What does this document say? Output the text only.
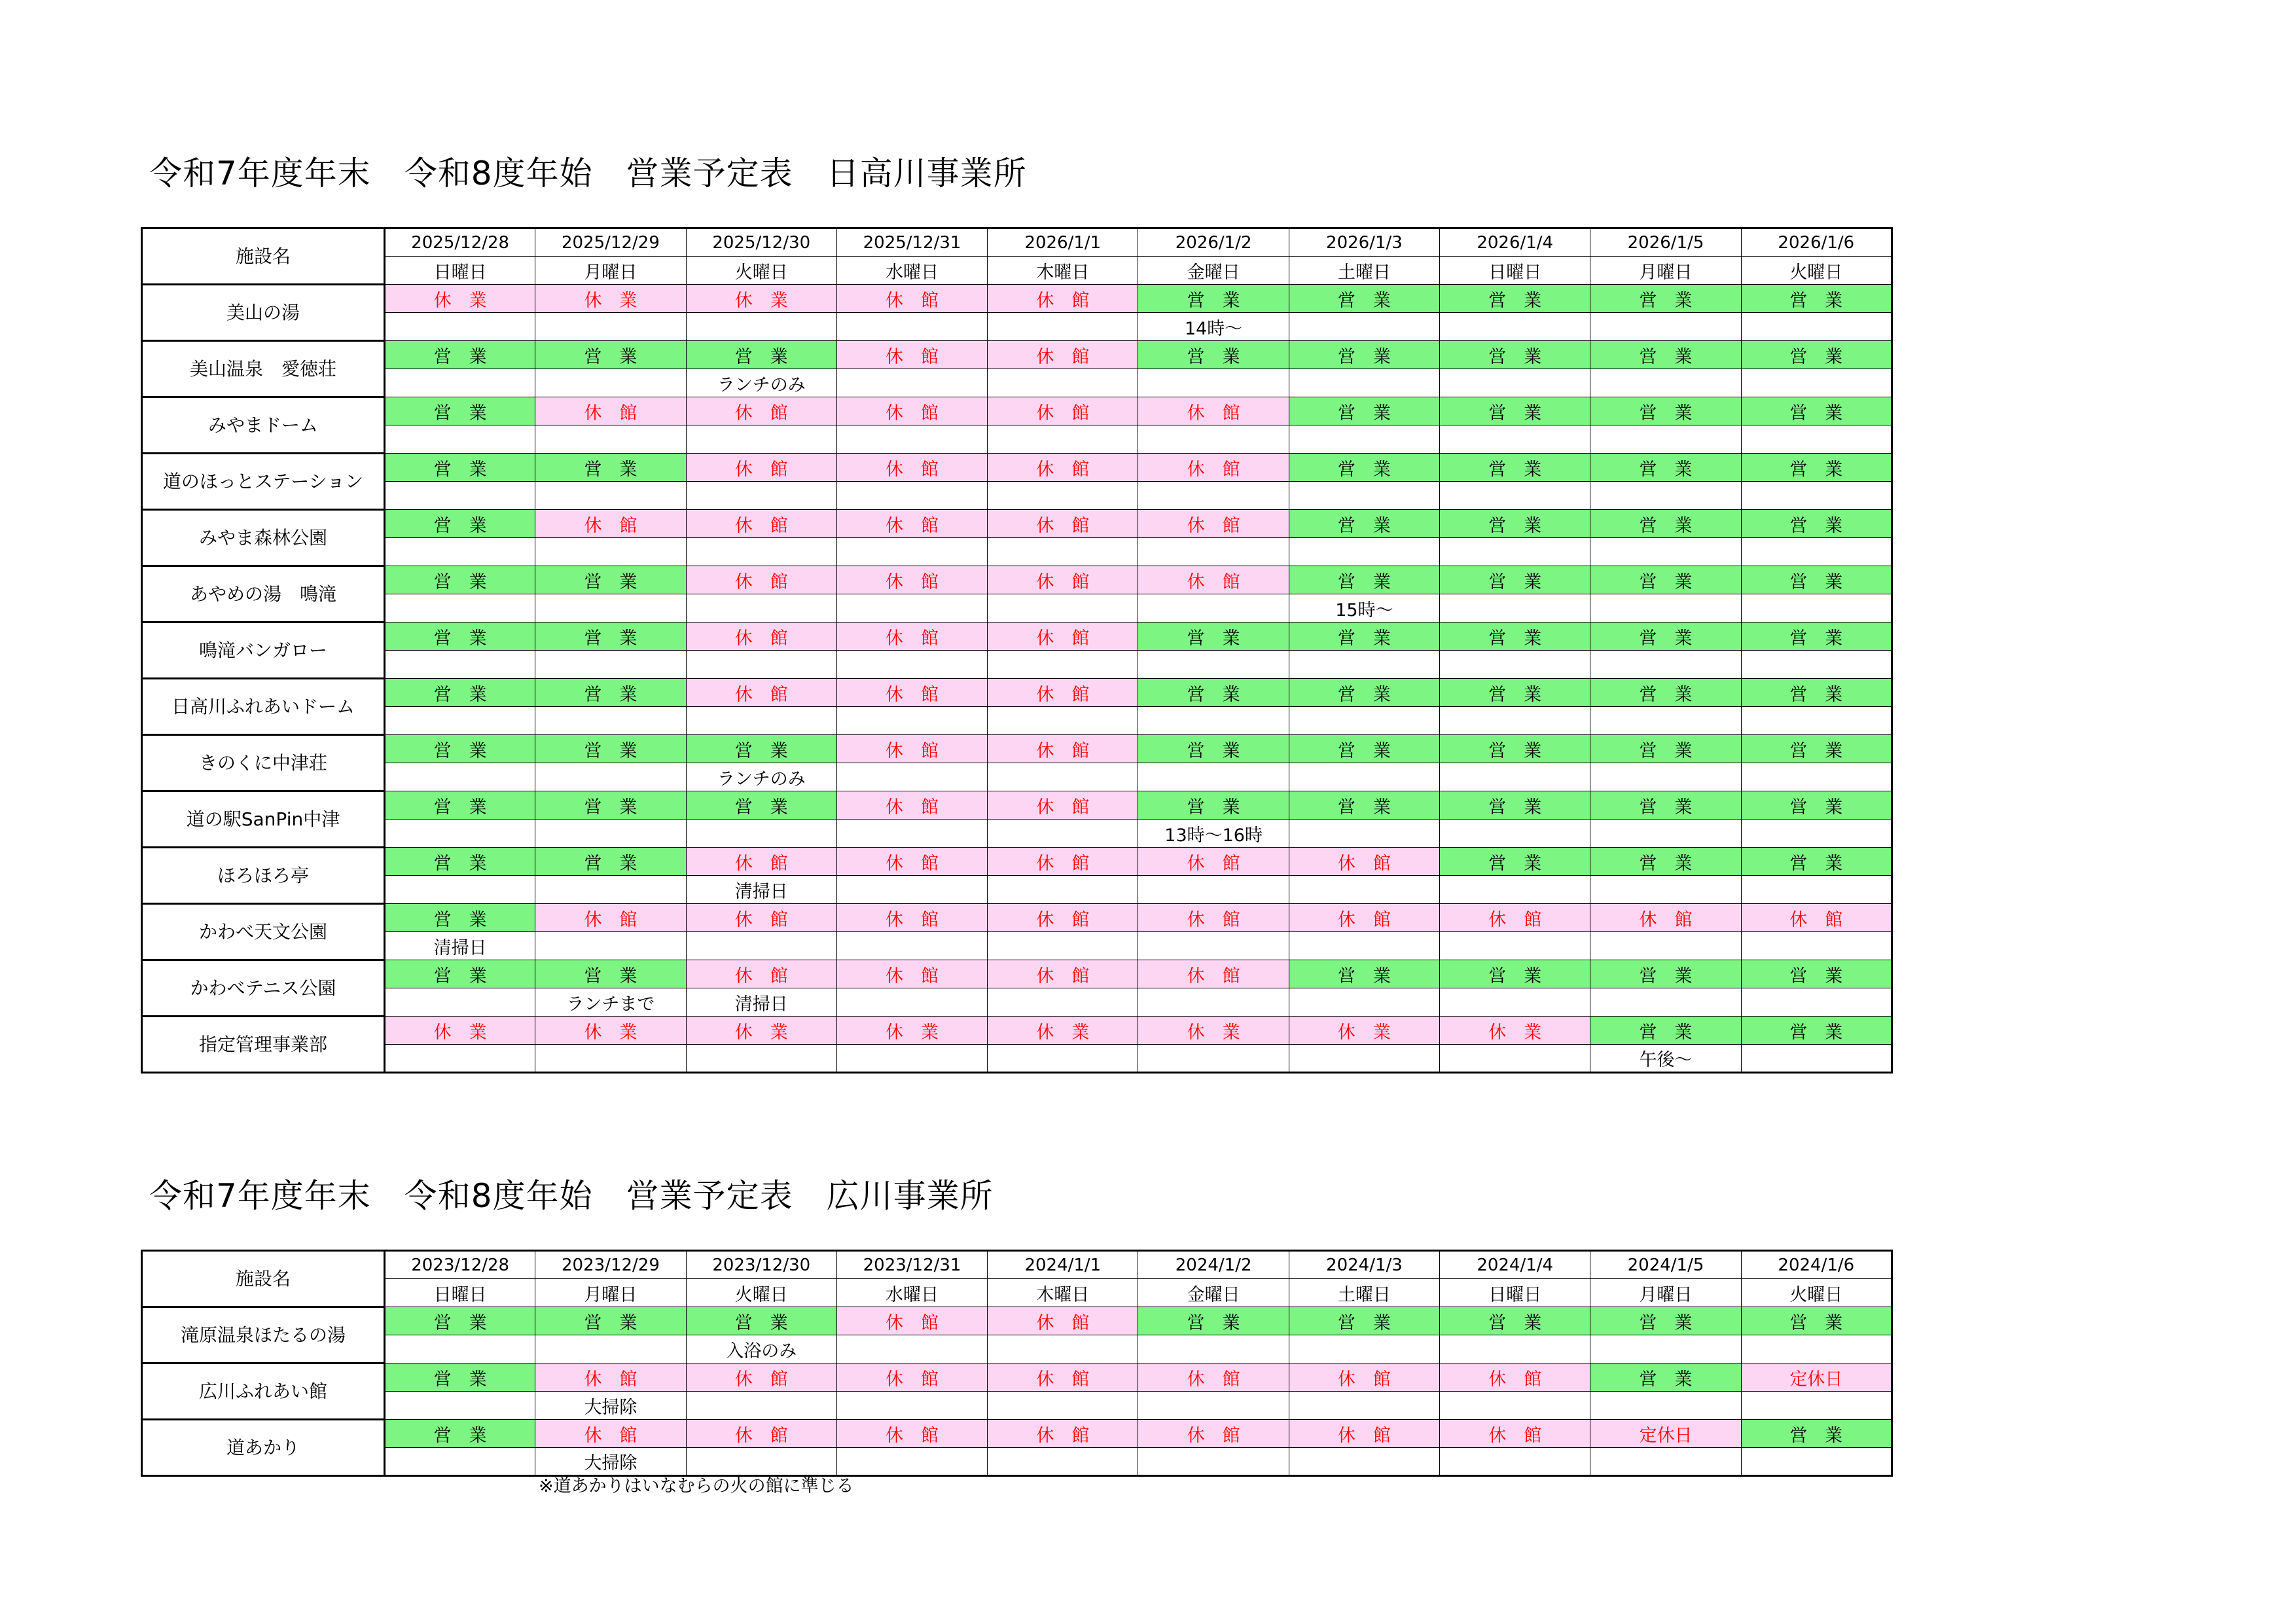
令和7年度年末　令和8度年始　営業予定表　日高川事業所
施設名	2025/12/28	2025/12/29	2025/12/30	2025/12/31	2026/1/1	2026/1/2	2026/1/3	2026/1/4	2026/1/5	2026/1/6
	日曜日	月曜日	火曜日	水曜日	木曜日	金曜日	土曜日	日曜日	月曜日	火曜日
美山の湯	休　業	休　業	休　業	休　館	休　館	営　業	営　業	営　業	営　業	営　業
						14時～				
美山温泉　愛徳荘	営　業	営　業	営　業	休　館	休　館	営　業	営　業	営　業	営　業	営　業
			ランチのみ							
みやまドーム	営　業	休　館	休　館	休　館	休　館	休　館	営　業	営　業	営　業	営　業

道のほっとステーション	営　業	営　業	休　館	休　館	休　館	休　館	営　業	営　業	営　業	営　業

みやま森林公園	営　業	休　館	休　館	休　館	休　館	休　館	営　業	営　業	営　業	営　業

あやめの湯　鳴滝	営　業	営　業	休　館	休　館	休　館	休　館	営　業	営　業	営　業	営　業
							15時～			
鳴滝バンガロー	営　業	営　業	休　館	休　館	休　館	営　業	営　業	営　業	営　業	営　業

日高川ふれあいドーム	営　業	営　業	休　館	休　館	休　館	営　業	営　業	営　業	営　業	営　業

きのくに中津荘	営　業	営　業	営　業	休　館	休　館	営　業	営　業	営　業	営　業	営　業
			ランチのみ							
道の駅SanPin中津	営　業	営　業	営　業	休　館	休　館	営　業	営　業	営　業	営　業	営　業
						13時～16時				
ほろほろ亭	営　業	営　業	休　館	休　館	休　館	休　館	休　館	営　業	営　業	営　業
			清掃日							
かわべ天文公園	営　業	休　館	休　館	休　館	休　館	休　館	休　館	休　館	休　館	休　館
	清掃日									
かわべテニス公園	営　業	営　業	休　館	休　館	休　館	休　館	営　業	営　業	営　業	営　業
		ランチまで	清掃日							
指定管理事業部	休　業	休　業	休　業	休　業	休　業	休　業	休　業	休　業	営　業	営　業
									午後～	
令和7年度年末　令和8度年始　営業予定表　広川事業所
施設名	2023/12/28	2023/12/29	2023/12/30	2023/12/31	2024/1/1	2024/1/2	2024/1/3	2024/1/4	2024/1/5	2024/1/6
	日曜日	月曜日	火曜日	水曜日	木曜日	金曜日	土曜日	日曜日	月曜日	火曜日
滝原温泉ほたるの湯	営　業	営　業	営　業	休　館	休　館	営　業	営　業	営　業	営　業	営　業
			入浴のみ							
広川ふれあい館	営　業	休　館	休　館	休　館	休　館	休　館	休　館	休　館	営　業	定休日
		大掃除								
道あかり	営　業	休　館	休　館	休　館	休　館	休　館	休　館	休　館	定休日	営　業
		大掃除								
※道あかりはいなむらの火の館に準じる
